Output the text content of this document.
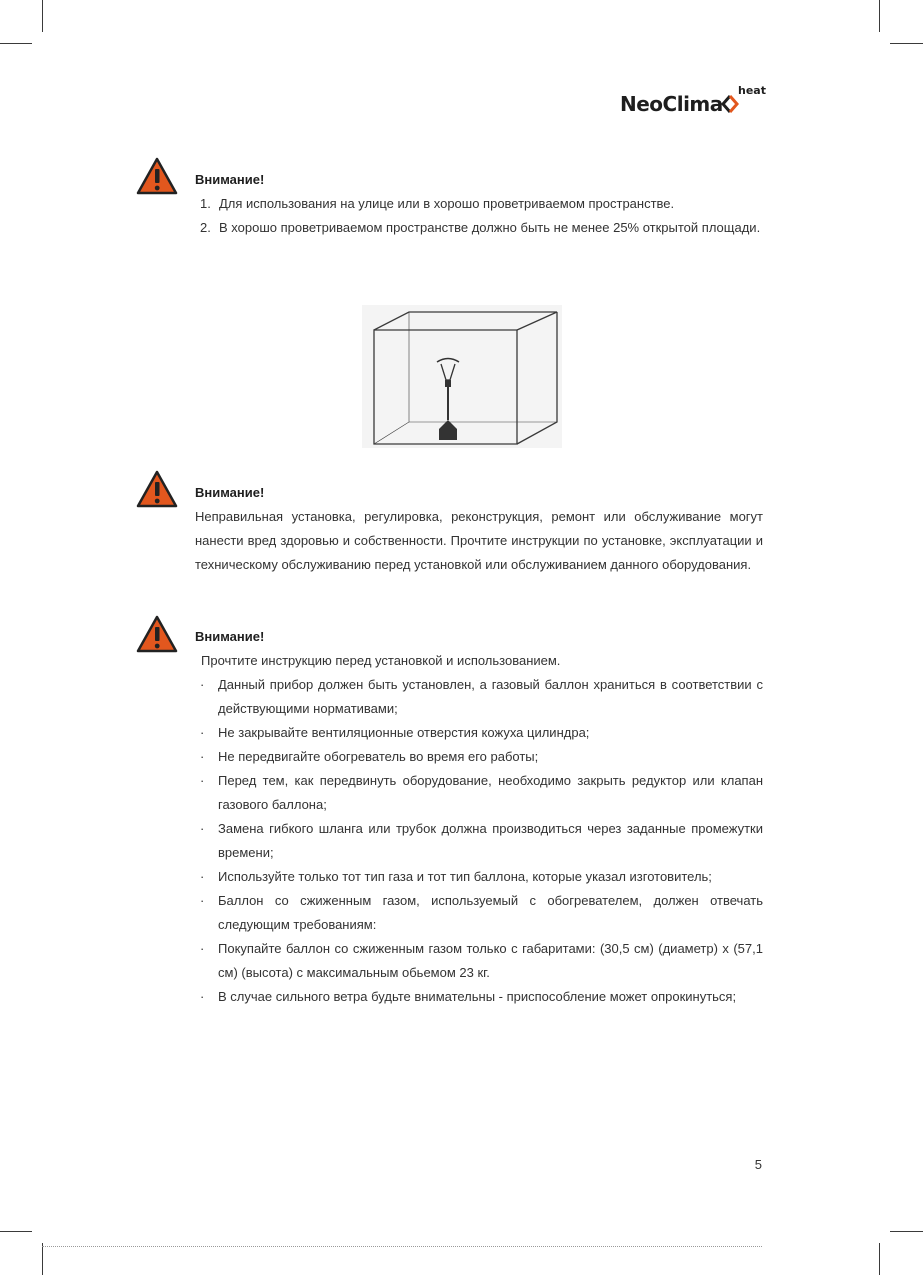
NeoClima
heat
Внимание!
1. Для использования на улице или в хорошо проветриваемом пространстве.
2. В хорошо проветриваемом пространстве должно быть не менее 25% открытой площади.
Внимание!

Неправильная установка, регулировка, реконструкция, ремонт или обслуживание могут нанести вред здоровью и собственности. Прочтите инструкции по установке, эксплуатации и техническому обслуживанию перед установкой или обслуживанием данного оборудования.

Внимание!
Прочтите инструкцию перед установкой и использованием.
· Данный прибор должен быть установлен, а газовый баллон храниться в соответствии с действующими нормативами;
· Не закрывайте вентиляционные отверстия кожуха цилиндра;
· Не передвигайте обогреватель во время его работы;
· Перед тем, как передвинуть оборудование, необходимо закрыть редуктор или клапан газового баллона;
· Замена гибкого шланга или трубок должна производиться через заданные промежутки времени;
· Используйте только тот тип газа и тот тип баллона, которые указал изготовитель;
· Баллон со сжиженным газом, используемый с обогревателем, должен отвечать следующим требованиям:
· Покупайте баллон со сжиженным газом только с габаритами: (30,5 см) (диаметр) x (57,1 см) (высота) с максимальным обьемом 23 кг.
· В случае сильного ветра будьте внимательны - приспособление может опрокинуться;
5
